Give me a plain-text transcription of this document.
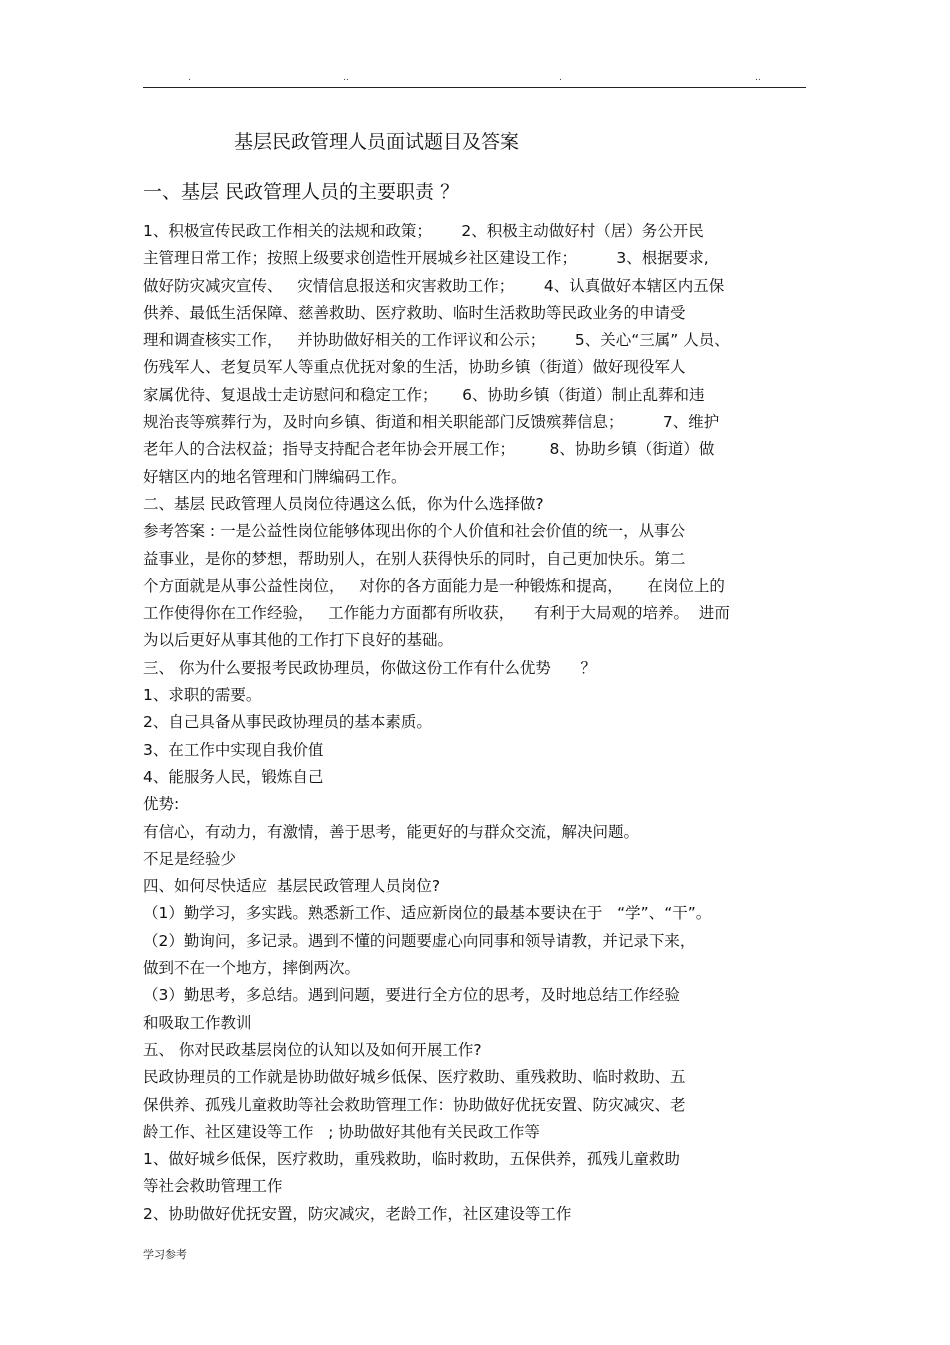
.	..	.	..
基层民政管理人员面试题目及答案
一、基层 民政管理人员的主要职责 ？
1、积极宣传民政工作相关的法规和政策；      2、积极主动做好村（居）务公开民
主管理日常工作；按照上级要求创造性开展城乡社区建设工作；        3、根据要求,
做好防灾减灾宣传、   灾情信息报送和灾害救助工作；      4、认真做好本辖区内五保
供养、最低生活保障、慈善救助、医疗救助、临时生活救助等民政业务的申请受
理和调查核实工作，   并协助做好相关的工作评议和公示；      5、关心“三属” 人员、
伤残军人、老复员军人等重点优抚对象的生活，协助乡镇（街道）做好现役军人
家属优待、复退战士走访慰问和稳定工作；     6、协助乡镇（街道）制止乱葬和违
规治丧等殡葬行为，及时向乡镇、街道和相关职能部门反馈殡葬信息；        7、维护
老年人的合法权益；指导支持配合老年协会开展工作；       8、协助乡镇（街道）做
好辖区内的地名管理和门牌编码工作。
二、基层 民政管理人员岗位待遇这么低，你为什么选择做?
参考答案 : 一是公益性岗位能够体现出你的个人价值和社会价值的统一，从事公
益事业，是你的梦想，帮助别人，在别人获得快乐的同时，自己更加快乐。第二
个方面就是从事公益性岗位，   对你的各方面能力是一种锻炼和提高，     在岗位上的
工作使得你在工作经验，   工作能力方面都有所收获，    有利于大局观的培养。  进而
为以后更好从事其他的工作打下良好的基础。
三、 你为什么要报考民政协理员，你做这份工作有什么优势      ？
1、求职的需要。
2、自己具备从事民政协理员的基本素质。
3、在工作中实现自我价值
4、能服务人民，锻炼自己
优势:
有信心，有动力，有激情，善于思考，能更好的与群众交流，解决问题。
不足是经验少
四、如何尽快适应  基层民政管理人员岗位?
（1）勤学习，多实践。熟悉新工作、适应新岗位的最基本要诀在于   “学”、“干”。
（2）勤询问，多记录。遇到不懂的问题要虚心向同事和领导请教，并记录下来，
做到不在一个地方，摔倒两次。
（3）勤思考，多总结。遇到问题，要进行全方位的思考，及时地总结工作经验
和吸取工作教训
五、 你对民政基层岗位的认知以及如何开展工作?
民政协理员的工作就是协助做好城乡低保、医疗救助、重残救助、临时救助、五
保供养、孤残儿童救助等社会救助管理工作：协助做好优抚安置、防灾减灾、老
龄工作、社区建设等工作   ; 协助做好其他有关民政工作等
1、做好城乡低保，医疗救助，重残救助，临时救助，五保供养，孤残儿童救助
等社会救助管理工作
2、协助做好优抚安置，防灾减灾，老龄工作，社区建设等工作
学习参考
